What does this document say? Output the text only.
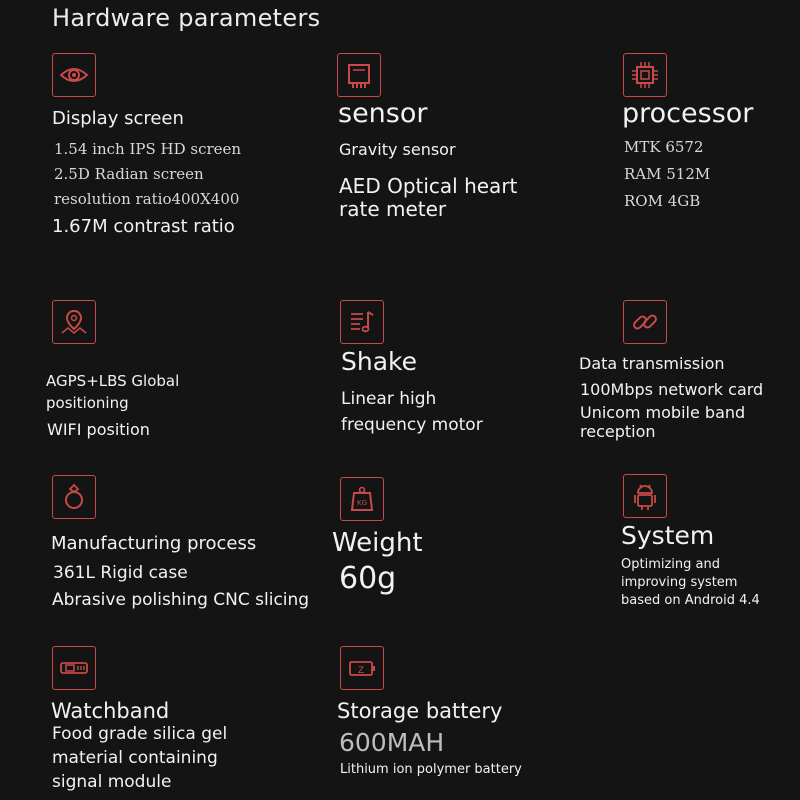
Hardware parameters
Display screen
1.54 inch IPS HD screen
2.5D Radian screen
resolution ratio400X400
1.67M contrast ratio
sensor
Gravity sensor
AED Optical heart
rate meter
processor
MTK 6572
RAM 512M
ROM 4GB
AGPS+LBS Global
positioning
WIFI position
Shake
Linear high
frequency motor
Data transmission
100Mbps network card
Unicom mobile band
reception
Manufacturing process
361L Rigid case
Abrasive polishing CNC slicing
KG
Weight
60g
System
Optimizing and
improving system
based on Android 4.4
Watchband
Food grade silica gel
material containing
signal module
Z
Storage battery
600MAH
Lithium ion polymer battery
